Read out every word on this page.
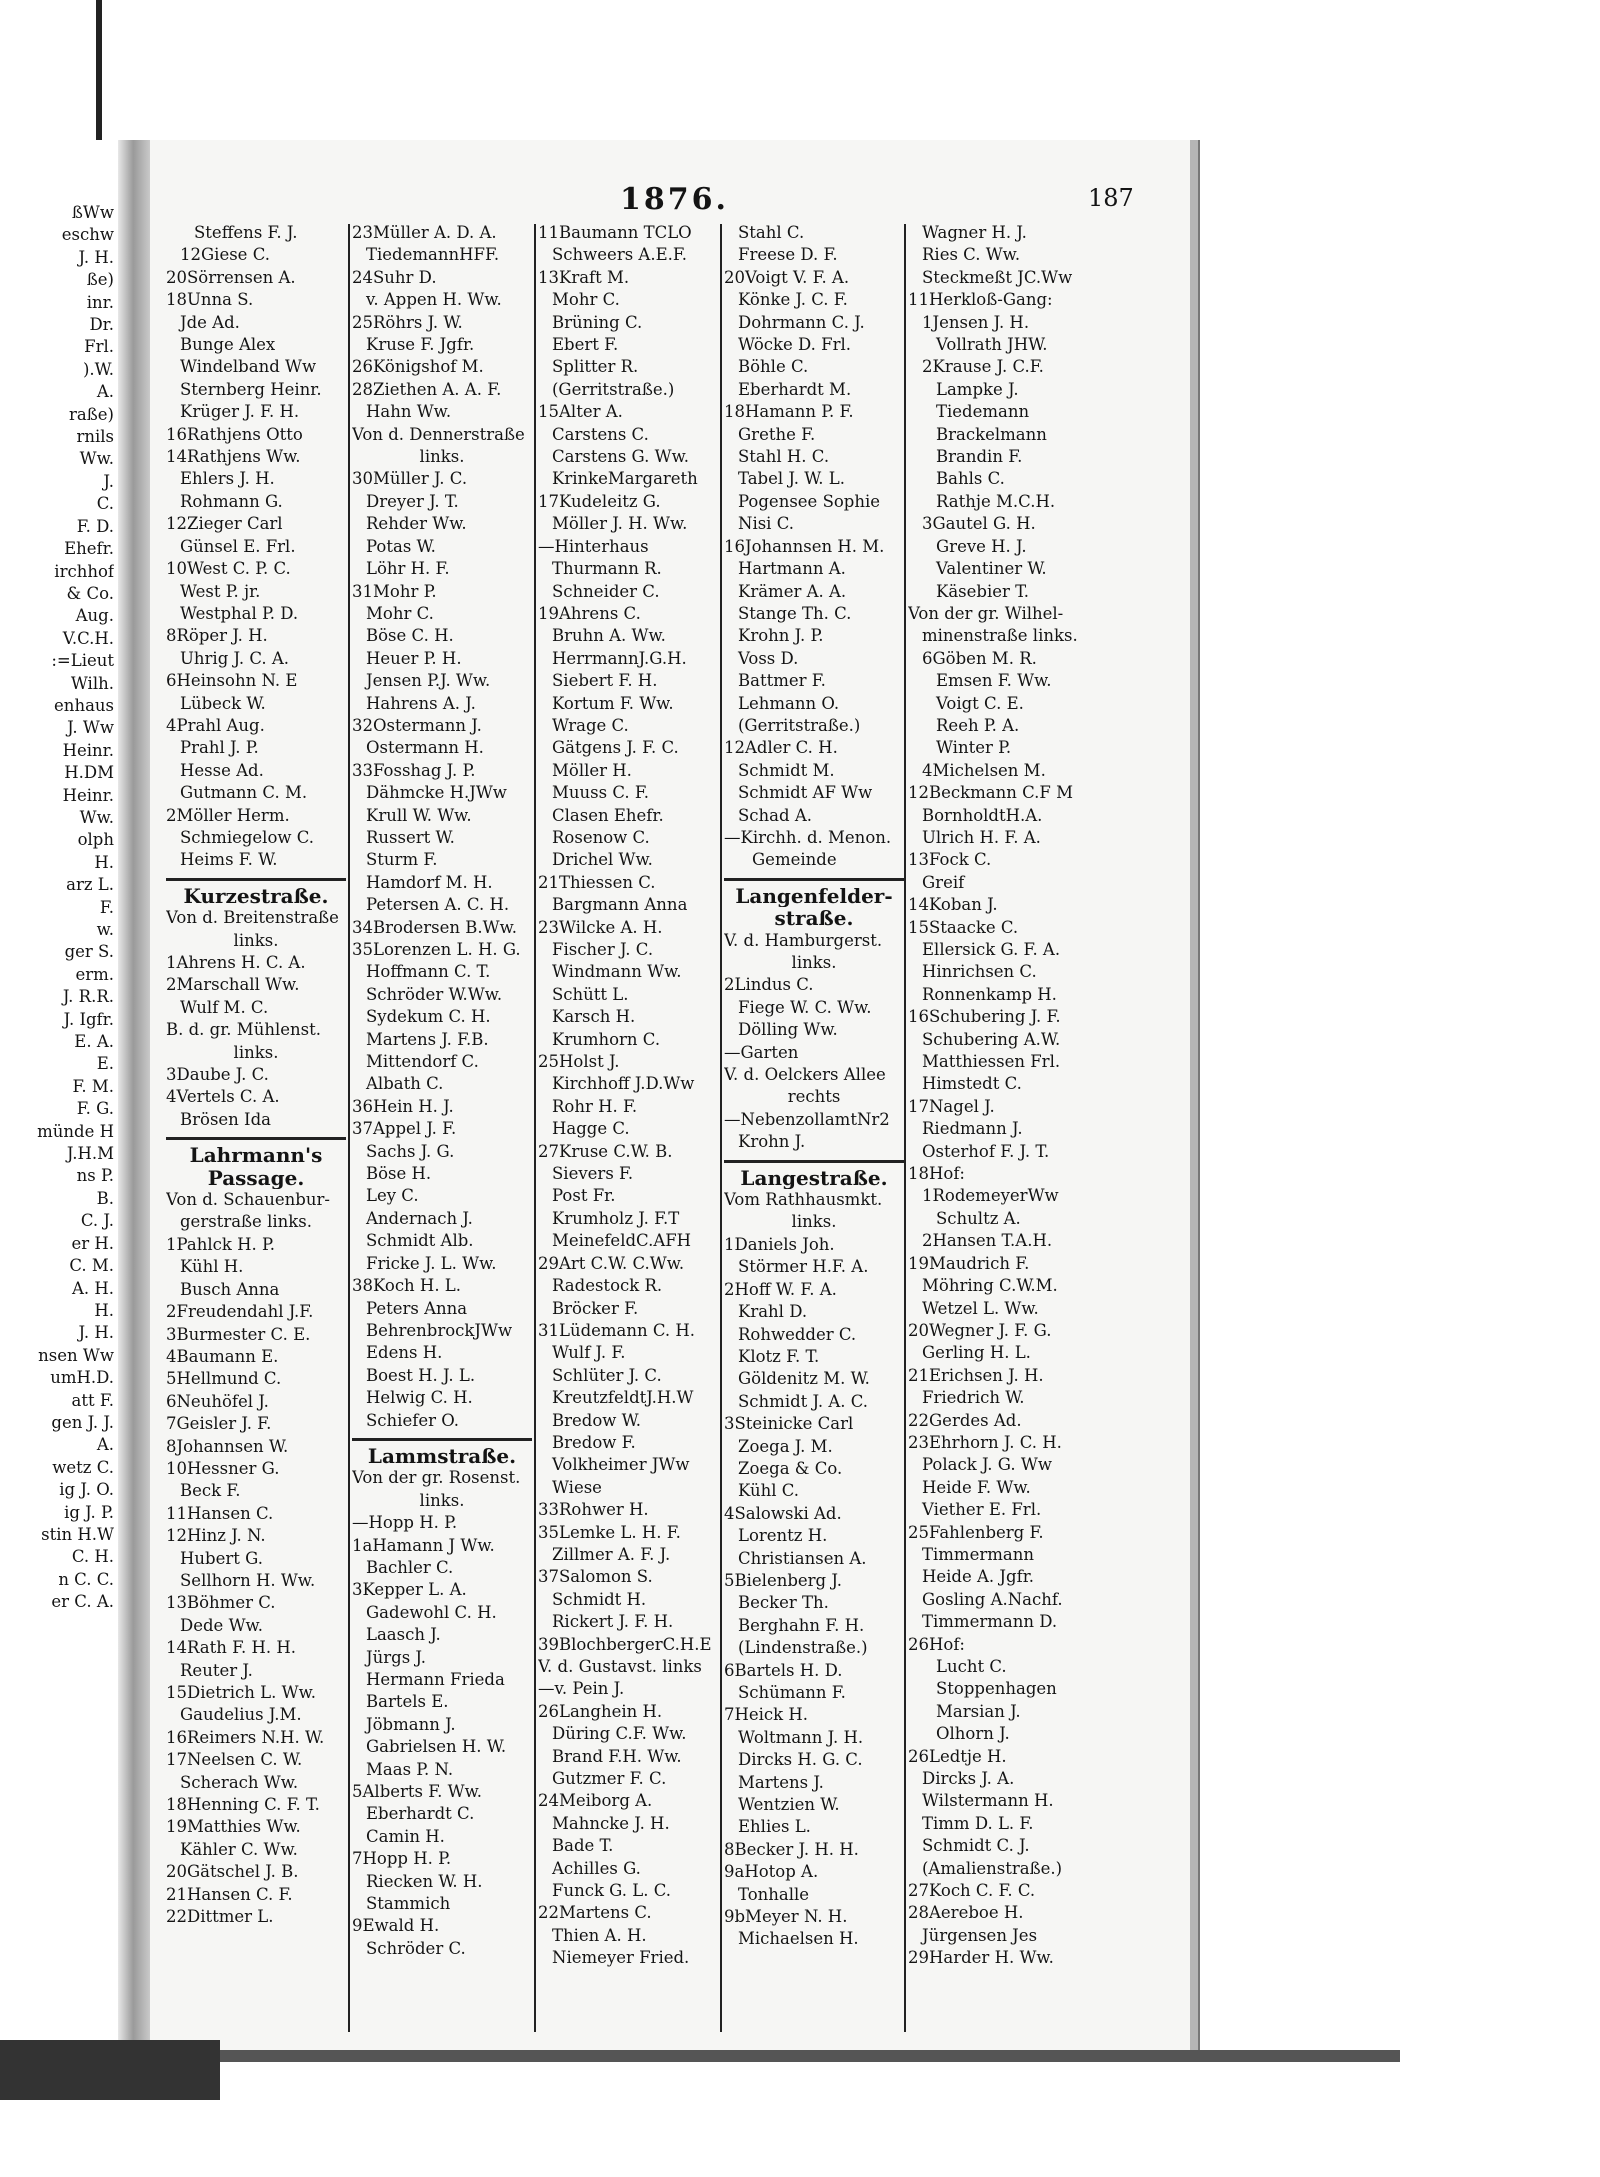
ßWw
eschw
J. H.
ße)
inr.
Dr.
Frl.
).W.
A.
raße)
rnils
Ww.
J.
C.
F. D.
Ehefr.
irchhof
& Co.
Aug.
V.C.H.
:=Lieut
Wilh.
enhaus
J. Ww
Heinr.
H.DM
Heinr.
Ww.
olph
H.
arz L.
F.
w.
ger S.
erm.
J. R.R.
J. Igfr.
E. A.
E.
F. M.
F. G.
münde H
J.H.M
ns P.
B.
C. J.
er H.
C. M.
A. H.
H.
J. H.
nsen Ww
umH.D.
att F.
gen J. J.
A.
wetz C.
ig J. O.
ig J. P.
stin H.W
C. H.
n C. C.
er C. A.
1876.	187
Steffens F. J.
12Giese C.
20Sörrensen A.
18Unna S.
Jde Ad.
Bunge Alex
Windelband Ww
Sternberg Heinr.
Krüger J. F. H.
16Rathjens Otto
14Rathjens Ww.
Ehlers J. H.
Rohmann G.
12Zieger Carl
Günsel E. Frl.
10West C. P. C.
West P. jr.
Westphal P. D.
8Röper J. H.
Uhrig J. C. A.
6Heinsohn N. E
Lübeck W.
4Prahl Aug.
Prahl J. P.
Hesse Ad.
Gutmann C. M.
2Möller Herm.
Schmiegelow C.
Heims F. W.
Kurzestraße.
Von d. Breitenstraße
links.
1Ahrens H. C. A.
2Marschall Ww.
Wulf M. C.
B. d. gr. Mühlenst.
links.
3Daube J. C.
4Vertels C. A.
Brösen Ida
Lahrmann's
Passage.
Von d. Schauenbur-
gerstraße links.
1Pahlck H. P.
Kühl H.
Busch Anna
2Freudendahl J.F.
3Burmester C. E.
4Baumann E.
5Hellmund C.
6Neuhöfel J.
7Geisler J. F.
8Johannsen W.
10Hessner G.
Beck F.
11Hansen C.
12Hinz J. N.
Hubert G.
Sellhorn H. Ww.
13Böhmer C.
Dede Ww.
14Rath F. H. H.
Reuter J.
15Dietrich L. Ww.
Gaudelius J.M.
16Reimers N.H. W.
17Neelsen C. W.
Scherach Ww.
18Henning C. F. T.
19Matthies Ww.
Kähler C. Ww.
20Gätschel J. B.
21Hansen C. F.
22Dittmer L.
23Müller A. D. A.
TiedemannHFF.
24Suhr D.
v. Appen H. Ww.
25Röhrs J. W.
Kruse F. Jgfr.
26Königshof M.
28Ziethen A. A. F.
Hahn Ww.
Von d. Dennerstraße
links.
30Müller J. C.
Dreyer J. T.
Rehder Ww.
Potas W.
Löhr H. F.
31Mohr P.
Mohr C.
Böse C. H.
Heuer P. H.
Jensen P.J. Ww.
Hahrens A. J.
32Ostermann J.
Ostermann H.
33Fosshag J. P.
Dähmcke H.JWw
Krull W. Ww.
Russert W.
Sturm F.
Hamdorf M. H.
Petersen A. C. H.
34Brodersen B.Ww.
35Lorenzen L. H. G.
Hoffmann C. T.
Schröder W.Ww.
Sydekum C. H.
Martens J. F.B.
Mittendorf C.
Albath C.
36Hein H. J.
37Appel J. F.
Sachs J. G.
Böse H.
Ley C.
Andernach J.
Schmidt Alb.
Fricke J. L. Ww.
38Koch H. L.
Peters Anna
BehrenbrockJWw
Edens H.
Boest H. J. L.
Helwig C. H.
Schiefer O.
Lammstraße.
Von der gr. Rosenst.
links.
—Hopp H. P.
1aHamann J Ww.
Bachler C.
3Kepper L. A.
Gadewohl C. H.
Laasch J.
Jürgs J.
Hermann Frieda
Bartels E.
Jöbmann J.
Gabrielsen H. W.
Maas P. N.
5Alberts F. Ww.
Eberhardt C.
Camin H.
7Hopp H. P.
Riecken W. H.
Stammich
9Ewald H.
Schröder C.
11Baumann TCLO
Schweers A.E.F.
13Kraft M.
Mohr C.
Brüning C.
Ebert F.
Splitter R.
(Gerritstraße.)
15Alter A.
Carstens C.
Carstens G. Ww.
KrinkeMargareth
17Kudeleitz G.
Möller J. H. Ww.
—Hinterhaus
Thurmann R.
Schneider C.
19Ahrens C.
Bruhn A. Ww.
HerrmannJ.G.H.
Siebert F. H.
Kortum F. Ww.
Wrage C.
Gätgens J. F. C.
Möller H.
Muuss C. F.
Clasen Ehefr.
Rosenow C.
Drichel Ww.
21Thiessen C.
Bargmann Anna
23Wilcke A. H.
Fischer J. C.
Windmann Ww.
Schütt L.
Karsch H.
Krumhorn C.
25Holst J.
Kirchhoff J.D.Ww
Rohr H. F.
Hagge C.
27Kruse C.W. B.
Sievers F.
Post Fr.
Krumholz J. F.T
MeinefeldC.AFH
29Art C.W. C.Ww.
Radestock R.
Bröcker F.
31Lüdemann C. H.
Wulf J. F.
Schlüter J. C.
KreutzfeldtJ.H.W
Bredow W.
Bredow F.
Volkheimer JWw
Wiese
33Rohwer H.
35Lemke L. H. F.
Zillmer A. F. J.
37Salomon S.
Schmidt H.
Rickert J. F. H.
39BlochbergerC.H.E
V. d. Gustavst. links
—v. Pein J.
26Langhein H.
Düring C.F. Ww.
Brand F.H. Ww.
Gutzmer F. C.
24Meiborg A.
Mahncke J. H.
Bade T.
Achilles G.
Funck G. L. C.
22Martens C.
Thien A. H.
Niemeyer Fried.
Stahl C.
Freese D. F.
20Voigt V. F. A.
Könke J. C. F.
Dohrmann C. J.
Wöcke D. Frl.
Böhle C.
Eberhardt M.
18Hamann P. F.
Grethe F.
Stahl H. C.
Tabel J. W. L.
Pogensee Sophie
Nisi C.
16Johannsen H. M.
Hartmann A.
Krämer A. A.
Stange Th. C.
Krohn J. P.
Voss D.
Battmer F.
Lehmann O.
(Gerritstraße.)
12Adler C. H.
Schmidt M.
Schmidt AF Ww
Schad A.
—Kirchh. d. Menon.
Gemeinde
Langenfelder-
straße.
V. d. Hamburgerst.
links.
2Lindus C.
Fiege W. C. Ww.
Dölling Ww.
—Garten
V. d. Oelckers Allee
rechts
—NebenzollamtNr2
Krohn J.
Langestraße.
Vom Rathhausmkt.
links.
1Daniels Joh.
Störmer H.F. A.
2Hoff W. F. A.
Krahl D.
Rohwedder C.
Klotz F. T.
Göldenitz M. W.
Schmidt J. A. C.
3Steinicke Carl
Zoega J. M.
Zoega & Co.
Kühl C.
4Salowski Ad.
Lorentz H.
Christiansen A.
5Bielenberg J.
Becker Th.
Berghahn F. H.
(Lindenstraße.)
6Bartels H. D.
Schümann F.
7Heick H.
Woltmann J. H.
Dircks H. G. C.
Martens J.
Wentzien W.
Ehlies L.
8Becker J. H. H.
9aHotop A.
Tonhalle
9bMeyer N. H.
Michaelsen H.
Wagner H. J.
Ries C. Ww.
Steckmeßt JC.Ww
11Herkloß-Gang:
1Jensen J. H.
Vollrath JHW.
2Krause J. C.F.
Lampke J.
Tiedemann
Brackelmann
Brandin F.
Bahls C.
Rathje M.C.H.
3Gautel G. H.
Greve H. J.
Valentiner W.
Käsebier T.
Von der gr. Wilhel-
minenstraße links.
6Göben M. R.
Emsen F. Ww.
Voigt C. E.
Reeh P. A.
Winter P.
4Michelsen M.
12Beckmann C.F M
BornholdtH.A.
Ulrich H. F. A.
13Fock C.
Greif
14Koban J.
15Staacke C.
Ellersick G. F. A.
Hinrichsen C.
Ronnenkamp H.
16Schubering J. F.
Schubering A.W.
Matthiessen Frl.
Himstedt C.
17Nagel J.
Riedmann J.
Osterhof F. J. T.
18Hof:
1RodemeyerWw
Schultz A.
2Hansen T.A.H.
19Maudrich F.
Möhring C.W.M.
Wetzel L. Ww.
20Wegner J. F. G.
Gerling H. L.
21Erichsen J. H.
Friedrich W.
22Gerdes Ad.
23Ehrhorn J. C. H.
Polack J. G. Ww
Heide F. Ww.
Viether E. Frl.
25Fahlenberg F.
Timmermann
Heide A. Jgfr.
Gosling A.Nachf.
Timmermann D.
26Hof:
Lucht C.
Stoppenhagen
Marsian J.
Olhorn J.
26Ledtje H.
Dircks J. A.
Wilstermann H.
Timm D. L. F.
Schmidt C. J.
(Amalienstraße.)
27Koch C. F. C.
28Aereboe H.
Jürgensen Jes
29Harder H. Ww.
